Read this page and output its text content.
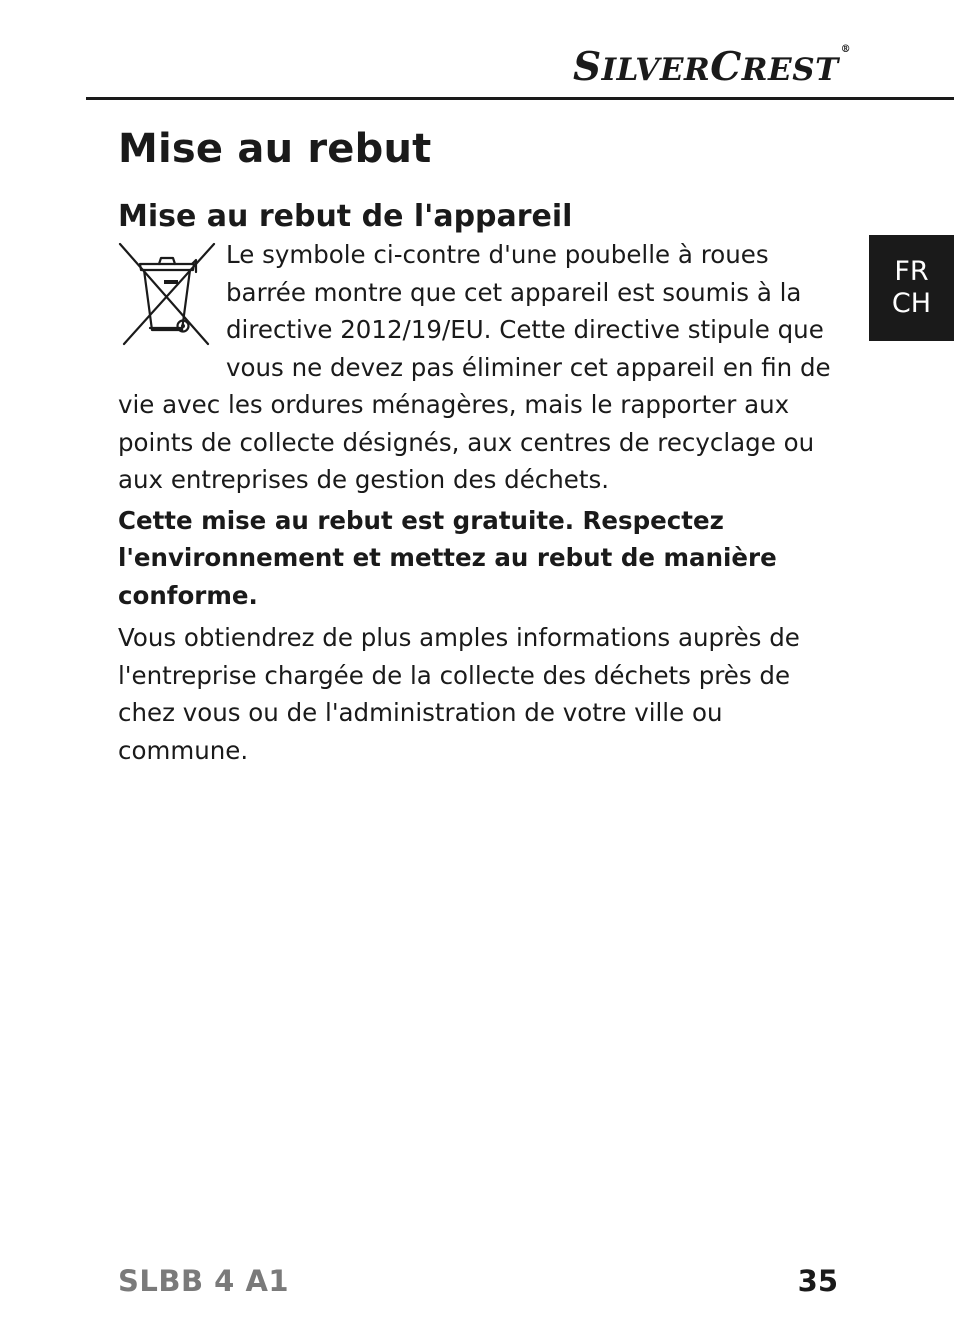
SILVERCREST®
FR
CH
Mise au rebut
Mise au rebut de l'appareil

Le symbole ci-contre d'une poubelle à roues barrée montre que cet appareil est soumis à la directive 2012/19/EU. Cette directive stipule que vous ne devez pas éliminer cet appareil en fin de vie avec les ordures ménagères, mais le rapporter aux points de collecte désignés, aux centres de recyclage ou aux entreprises de gestion des déchets.

Cette mise au rebut est gratuite. Respectez l'environnement et mettez au rebut de manière conforme.

Vous obtiendrez de plus amples informations auprès de l'entreprise chargée de la collecte des déchets près de chez vous ou de l'administration de votre ville ou commune.

SLBB 4 A1	35
